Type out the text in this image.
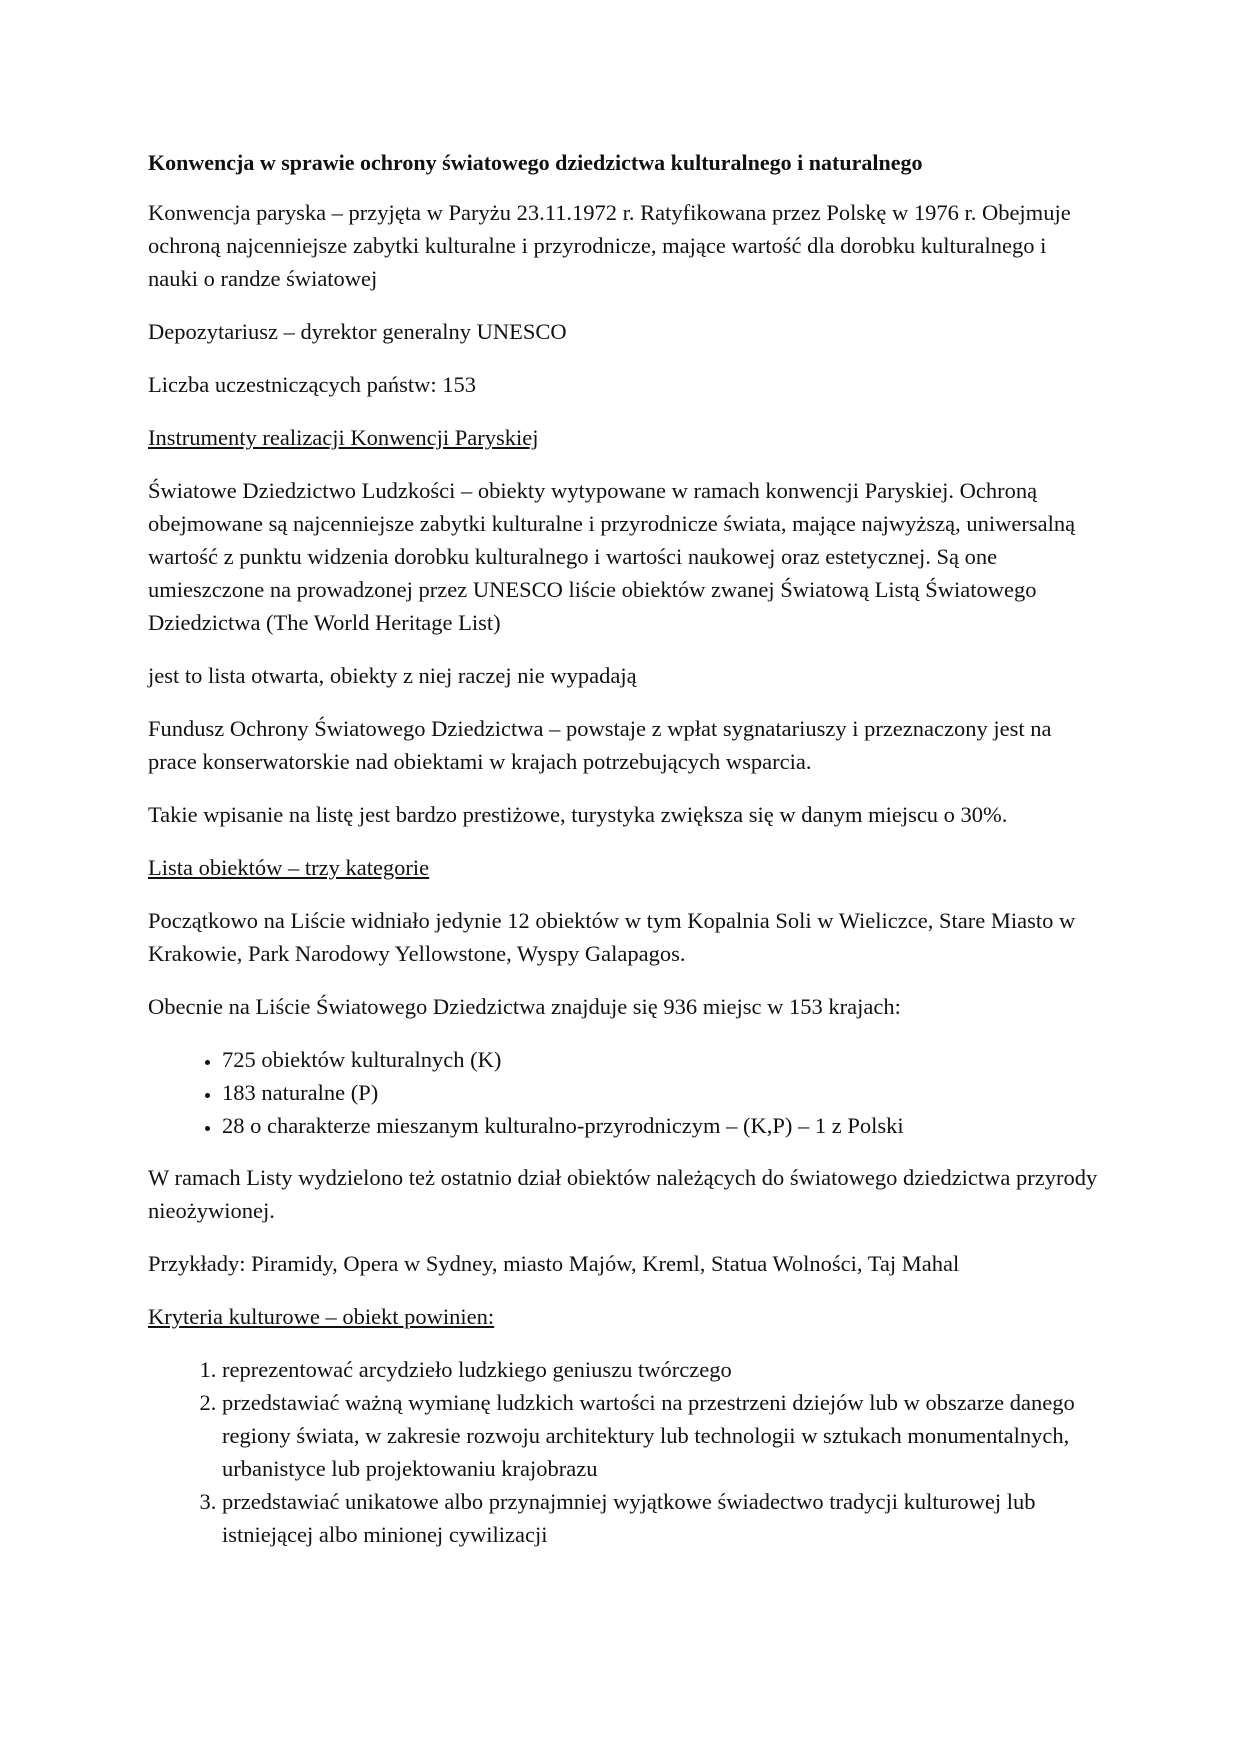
Konwencja w sprawie ochrony światowego dziedzictwa kulturalnego i naturalnego

Konwencja paryska – przyjęta w Paryżu 23.11.1972 r. Ratyfikowana przez Polskę w 1976 r. Obejmuje ochroną najcenniejsze zabytki kulturalne i przyrodnicze, mające wartość dla dorobku kulturalnego i nauki o randze światowej

Depozytariusz – dyrektor generalny UNESCO

Liczba uczestniczących państw: 153

Instrumenty realizacji Konwencji Paryskiej

Światowe Dziedzictwo Ludzkości – obiekty wytypowane w ramach konwencji Paryskiej. Ochroną obejmowane są najcenniejsze zabytki kulturalne i przyrodnicze świata, mające najwyższą, uniwersalną wartość z punktu widzenia dorobku kulturalnego i wartości naukowej oraz estetycznej. Są one umieszczone na prowadzonej przez UNESCO liście obiektów zwanej Światową Listą Światowego Dziedzictwa (The World Heritage List)

jest to lista otwarta, obiekty z niej raczej nie wypadają

Fundusz Ochrony Światowego Dziedzictwa – powstaje z wpłat sygnatariuszy i przeznaczony jest na prace konserwatorskie nad obiektami w krajach potrzebujących wsparcia.

Takie wpisanie na listę jest bardzo prestiżowe, turystyka zwiększa się w danym miejscu o 30%.

Lista obiektów – trzy kategorie

Początkowo na Liście widniało jedynie 12 obiektów w tym Kopalnia Soli w Wieliczce, Stare Miasto w Krakowie, Park Narodowy Yellowstone, Wyspy Galapagos.

Obecnie na Liście Światowego Dziedzictwa znajduje się 936 miejsc w 153 krajach:

• 725 obiektów kulturalnych (K)
• 183 naturalne (P)
• 28 o charakterze mieszanym kulturalno-przyrodniczym – (K,P) – 1 z Polski

W ramach Listy wydzielono też ostatnio dział obiektów należących do światowego dziedzictwa przyrody nieożywionej.

Przykłady: Piramidy, Opera w Sydney, miasto Majów, Kreml, Statua Wolności, Taj Mahal

Kryteria kulturowe – obiekt powinien:

1. reprezentować arcydzieło ludzkiego geniuszu twórczego
2. przedstawiać ważną wymianę ludzkich wartości na przestrzeni dziejów lub w obszarze danego regiony świata, w zakresie rozwoju architektury lub technologii w sztukach monumentalnych, urbanistyce lub projektowaniu krajobrazu
3. przedstawiać unikatowe albo przynajmniej wyjątkowe świadectwo tradycji kulturowej lub istniejącej albo minionej cywilizacji
